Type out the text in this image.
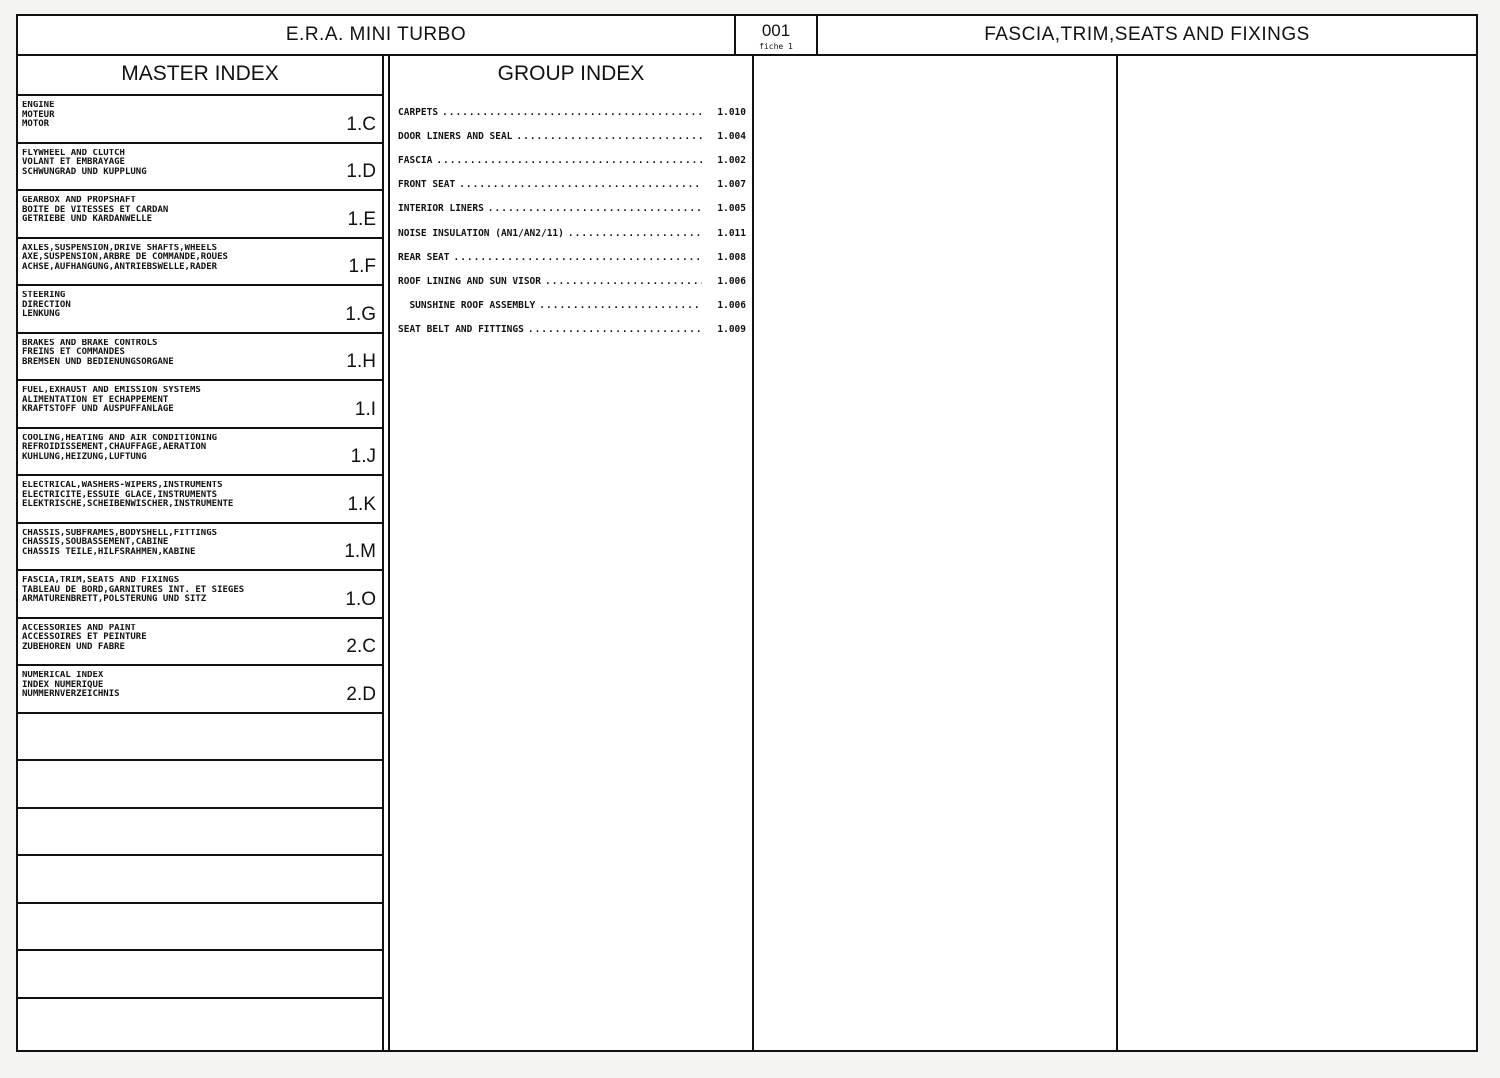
E.R.A. MINI TURBO	001
fiche 1
FASCIA,TRIM,SEATS AND FIXINGS
MASTER INDEX
ENGINE
MOTEUR
MOTOR	1.C
FLYWHEEL AND CLUTCH
VOLANT ET EMBRAYAGE
SCHWUNGRAD UND KUPPLUNG	1.D
GEARBOX AND PROPSHAFT
BOITE DE VITESSES ET CARDAN
GETRIEBE UND KARDANWELLE	1.E
AXLES,SUSPENSION,DRIVE SHAFTS,WHEELS
AXE,SUSPENSION,ARBRE DE COMMANDE,ROUES
ACHSE,AUFHANGUNG,ANTRIEBSWELLE,RADER	1.F
STEERING
DIRECTION
LENKUNG	1.G
BRAKES AND BRAKE CONTROLS
FREINS ET COMMANDES
BREMSEN UND BEDIENUNGSORGANE	1.H
FUEL,EXHAUST AND EMISSION SYSTEMS
ALIMENTATION ET ECHAPPEMENT
KRAFTSTOFF UND AUSPUFFANLAGE	1.I
COOLING,HEATING AND AIR CONDITIONING
REFROIDISSEMENT,CHAUFFAGE,AERATION
KUHLUNG,HEIZUNG,LUFTUNG	1.J
ELECTRICAL,WASHERS-WIPERS,INSTRUMENTS
ELECTRICITE,ESSUIE GLACE,INSTRUMENTS
ELEKTRISCHE,SCHEIBENWISCHER,INSTRUMENTE	1.K
CHASSIS,SUBFRAMES,BODYSHELL,FITTINGS
CHASSIS,SOUBASSEMENT,CABINE
CHASSIS TEILE,HILFSRAHMEN,KABINE	1.M
FASCIA,TRIM,SEATS AND FIXINGS
TABLEAU DE BORD,GARNITURES INT. ET SIEGES
ARMATURENBRETT,POLSTERUNG UND SITZ	1.O
ACCESSORIES AND PAINT
ACCESSOIRES ET PEINTURE
ZUBEHOREN UND FABRE	2.C
NUMERICAL INDEX
INDEX NUMERIQUE
NUMMERNVERZEICHNIS	2.D
GROUP INDEX
CARPETS .....	1.010
DOOR LINERS AND SEAL .....	1.004
FASCIA .....	1.002
FRONT SEAT .....	1.007
INTERIOR LINERS .....	1.005
NOISE INSULATION (AN1/AN2/11) .....	1.011
REAR SEAT .....	1.008
ROOF LINING AND SUN VISOR .....	1.006
SUNSHINE ROOF ASSEMBLY .....	1.006
SEAT BELT AND FITTINGS .....	1.009
